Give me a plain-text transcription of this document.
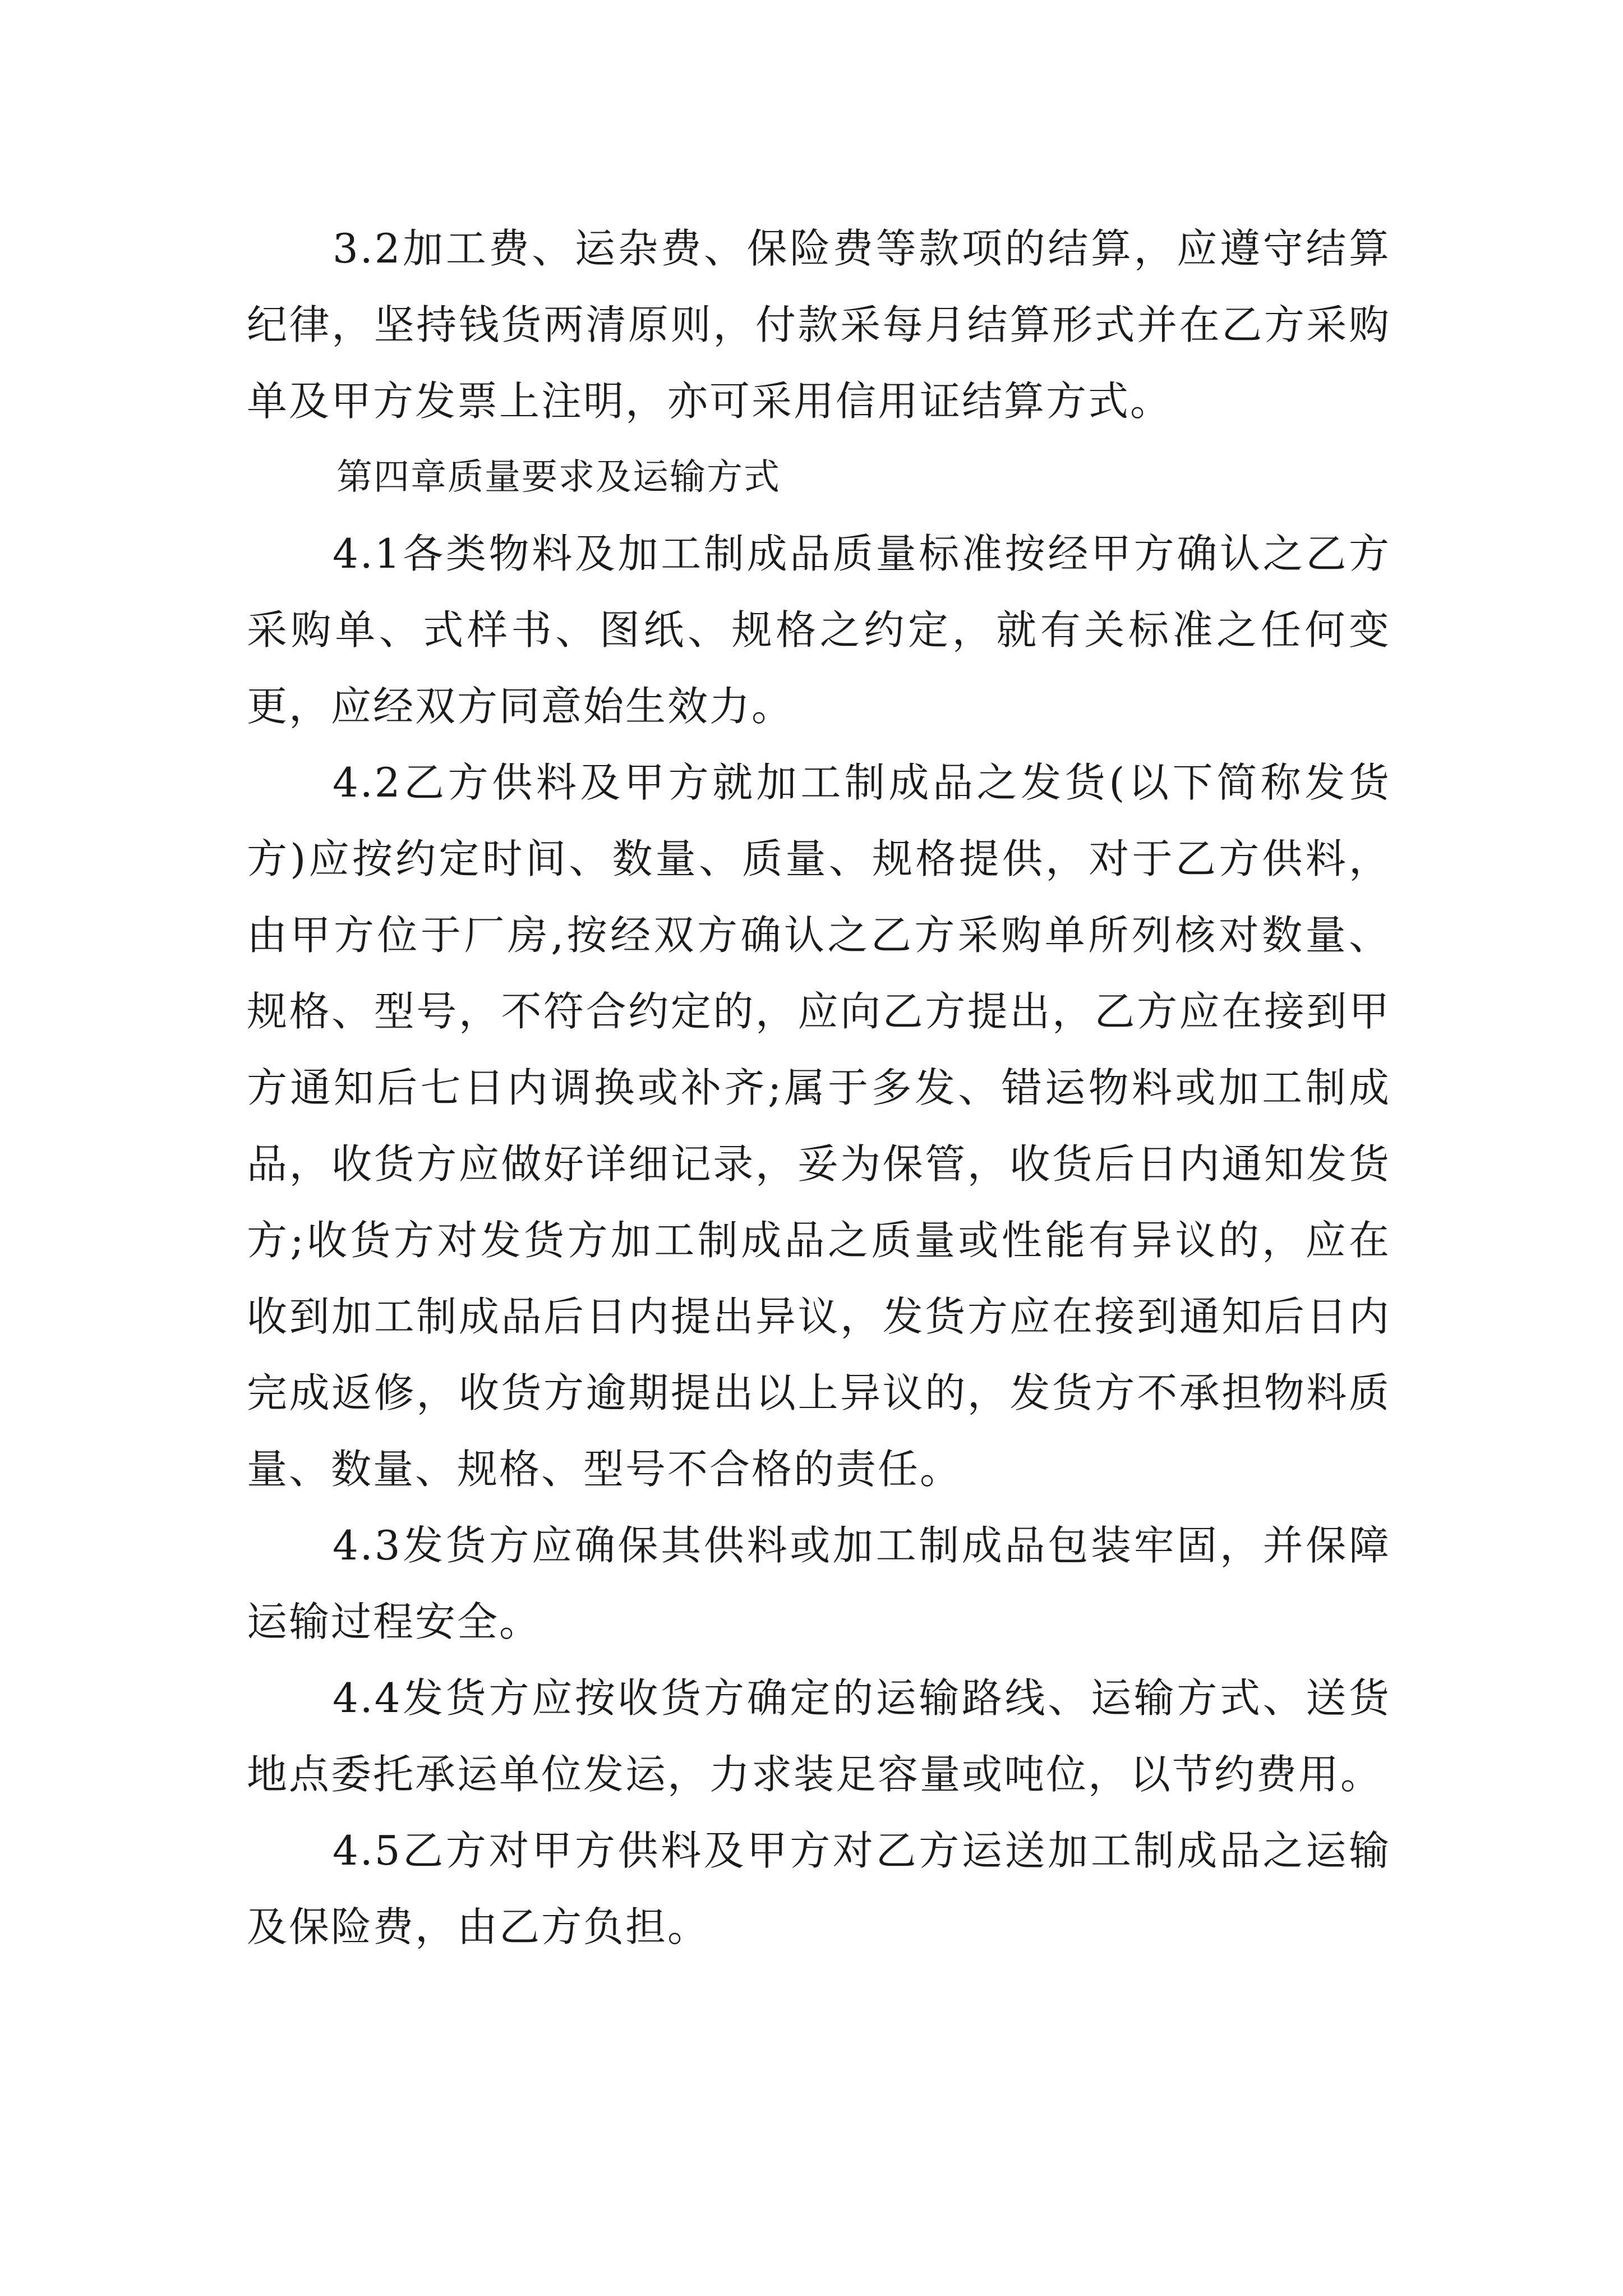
3.2加工费、运杂费、保险费等款项的结算，应遵守结算纪律，坚持钱货两清原则，付款采每月结算形式并在乙方采购单及甲方发票上注明，亦可采用信用证结算方式。

第四章质量要求及运输方式

4.1各类物料及加工制成品质量标准按经甲方确认之乙方采购单、式样书、图纸、规格之约定，就有关标准之任何变更，应经双方同意始生效力。

4.2乙方供料及甲方就加工制成品之发货(以下简称发货方)应按约定时间、数量、质量、规格提供，对于乙方供料，由甲方位于厂房,按经双方确认之乙方采购单所列核对数量、规格、型号，不符合约定的，应向乙方提出，乙方应在接到甲方通知后七日内调换或补齐;属于多发、错运物料或加工制成品，收货方应做好详细记录，妥为保管，收货后日内通知发货方;收货方对发货方加工制成品之质量或性能有异议的，应在收到加工制成品后日内提出异议，发货方应在接到通知后日内完成返修，收货方逾期提出以上异议的，发货方不承担物料质量、数量、规格、型号不合格的责任。

4.3发货方应确保其供料或加工制成品包装牢固，并保障运输过程安全。

4.4发货方应按收货方确定的运输路线、运输方式、送货地点委托承运单位发运，力求装足容量或吨位，以节约费用。

4.5乙方对甲方供料及甲方对乙方运送加工制成品之运输及保险费，由乙方负担。
